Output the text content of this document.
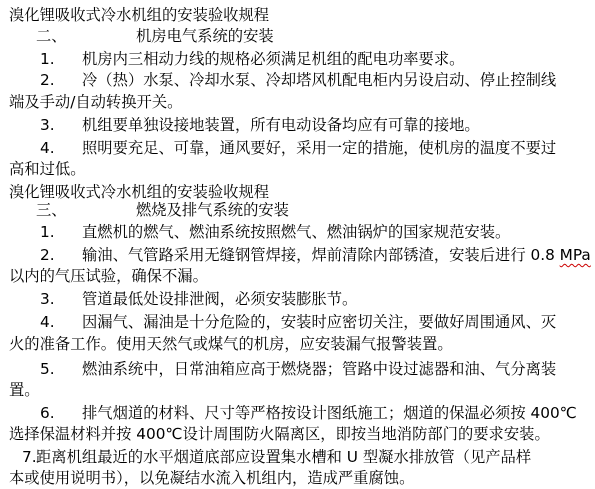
溴化锂吸收式冷水机组的安装验收规程
二、	机房电气系统的安装
1. 机房内三相动力线的规格必须满足机组的配电功率要求。
2. 冷（热）水泵、冷却水泵、冷却塔风机配电柜内另设启动、停止控制线
端及手动/自动转换开关。
3. 机组要单独设接地装置，所有电动设备均应有可靠的接地。
4. 照明要充足、可靠，通风要好，采用一定的措施，使机房的温度不要过
高和过低。
溴化锂吸收式冷水机组的安装验收规程
三、	燃烧及排气系统的安装
1. 直燃机的燃气、燃油系统按照燃气、燃油锅炉的国家规范安装。
2. 输油、气管路采用无缝钢管焊接，焊前清除内部锈渣，安装后进行 0.8 MPa
以内的气压试验，确保不漏。
3. 管道最低处设排泄阀，必须安装膨胀节。
4. 因漏气、漏油是十分危险的，安装时应密切关注，要做好周围通风、灭
火的准备工作。使用天然气或煤气的机房，应安装漏气报警装置。
5. 燃油系统中，日常油箱应高于燃烧器；管路中设过滤器和油、气分离装
置。
6. 排气烟道的材料、尺寸等严格按设计图纸施工；烟道的保温必须按 400℃
选择保温材料并按 400℃设计周围防火隔离区，即按当地消防部门的要求安装。
7. 距离机组最近的水平烟道底部应设置集水槽和 U 型凝水排放管（见产品样
本或使用说明书），以免凝结水流入机组内，造成严重腐蚀。
